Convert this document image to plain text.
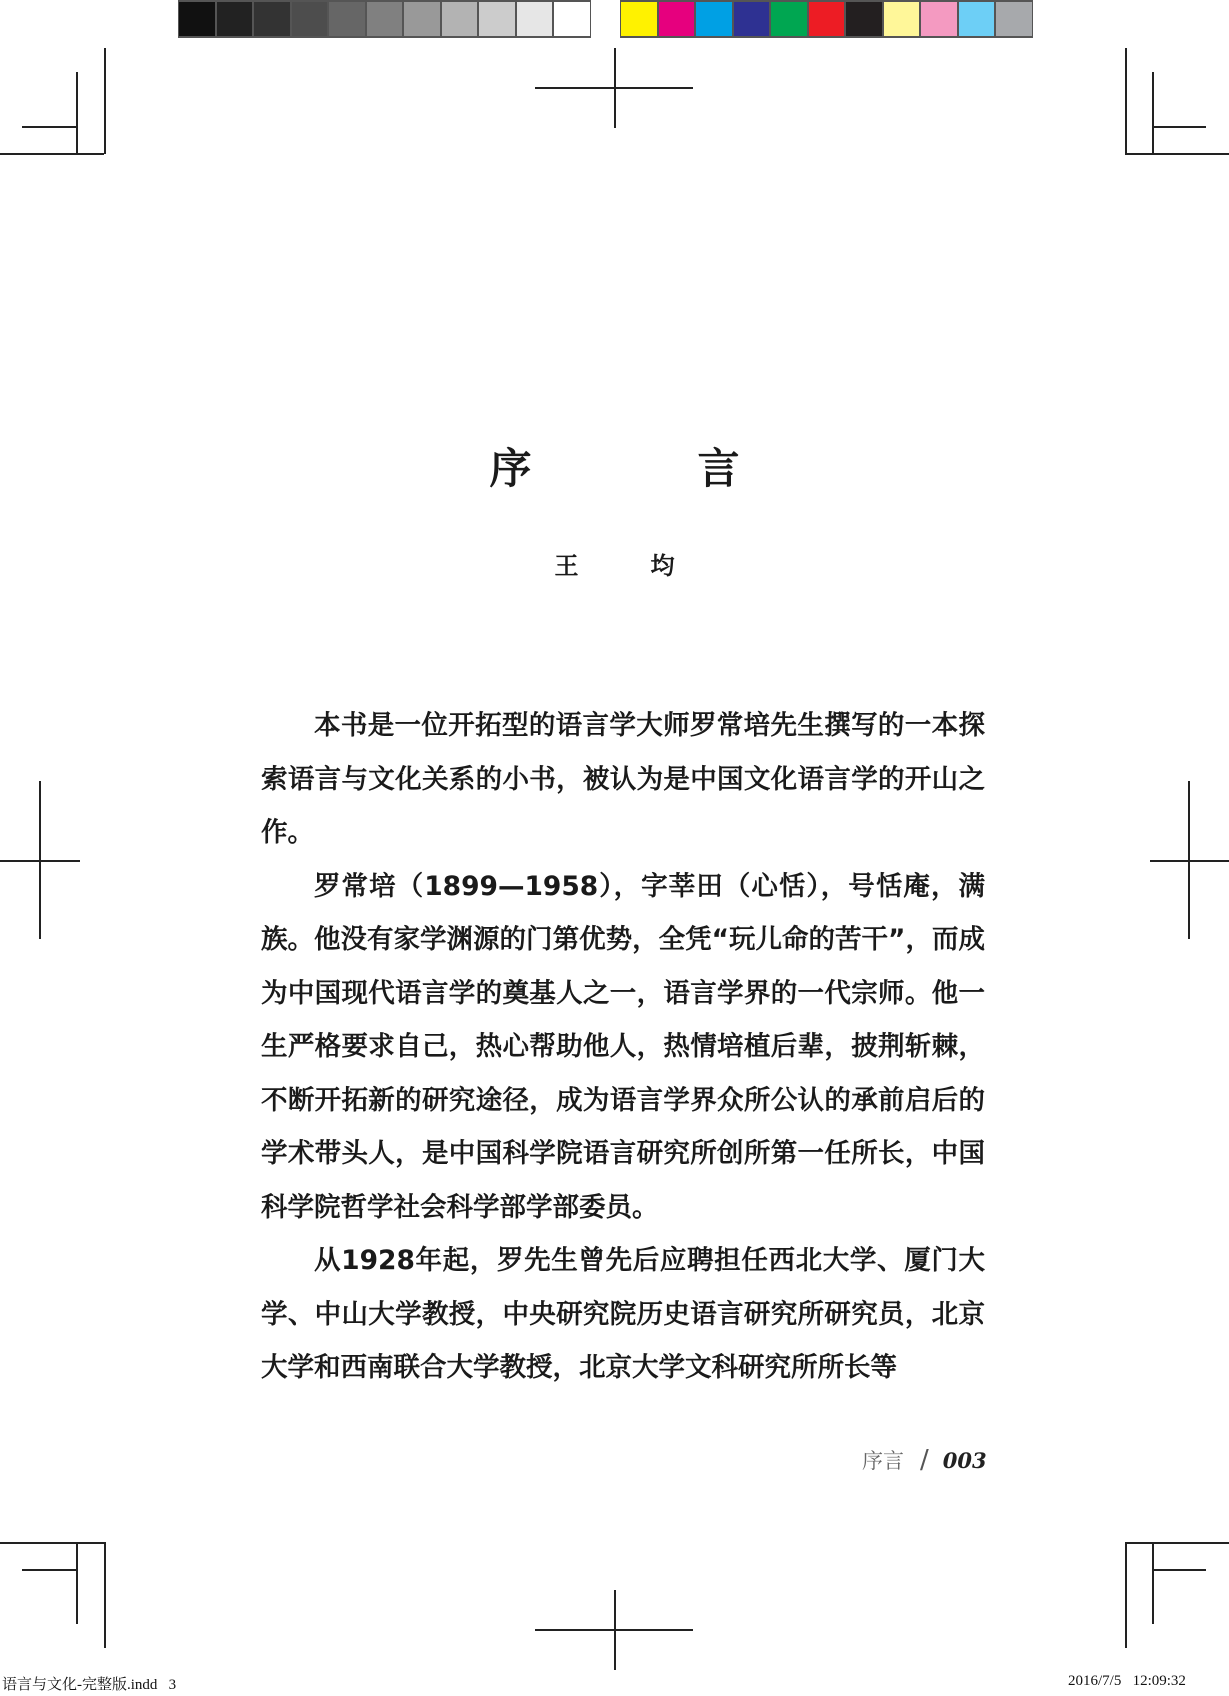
序　言
王　均

本书是一位开拓型的语言学大师罗常培先生撰写的一本探索语言与文化关系的小书，被认为是中国文化语言学的开山之作。

罗常培（1899—1958），字莘田（心恬），号恬庵，满族。他没有家学渊源的门第优势，全凭“玩儿命的苦干”，而成为中国现代语言学的奠基人之一，语言学界的一代宗师。他一生严格要求自己，热心帮助他人，热情培植后辈，披荆斩棘，不断开拓新的研究途径，成为语言学界众所公认的承前启后的学术带头人，是中国科学院语言研究所创所第一任所长，中国科学院哲学社会科学部学部委员。

从1928年起，罗先生曾先后应聘担任西北大学、厦门大学、中山大学教授，中央研究院历史语言研究所研究员，北京大学和西南联合大学教授，北京大学文科研究所所长等

序言 / 003
语言与文化-完整版.indd   3	2016/7/5   12:09:32
